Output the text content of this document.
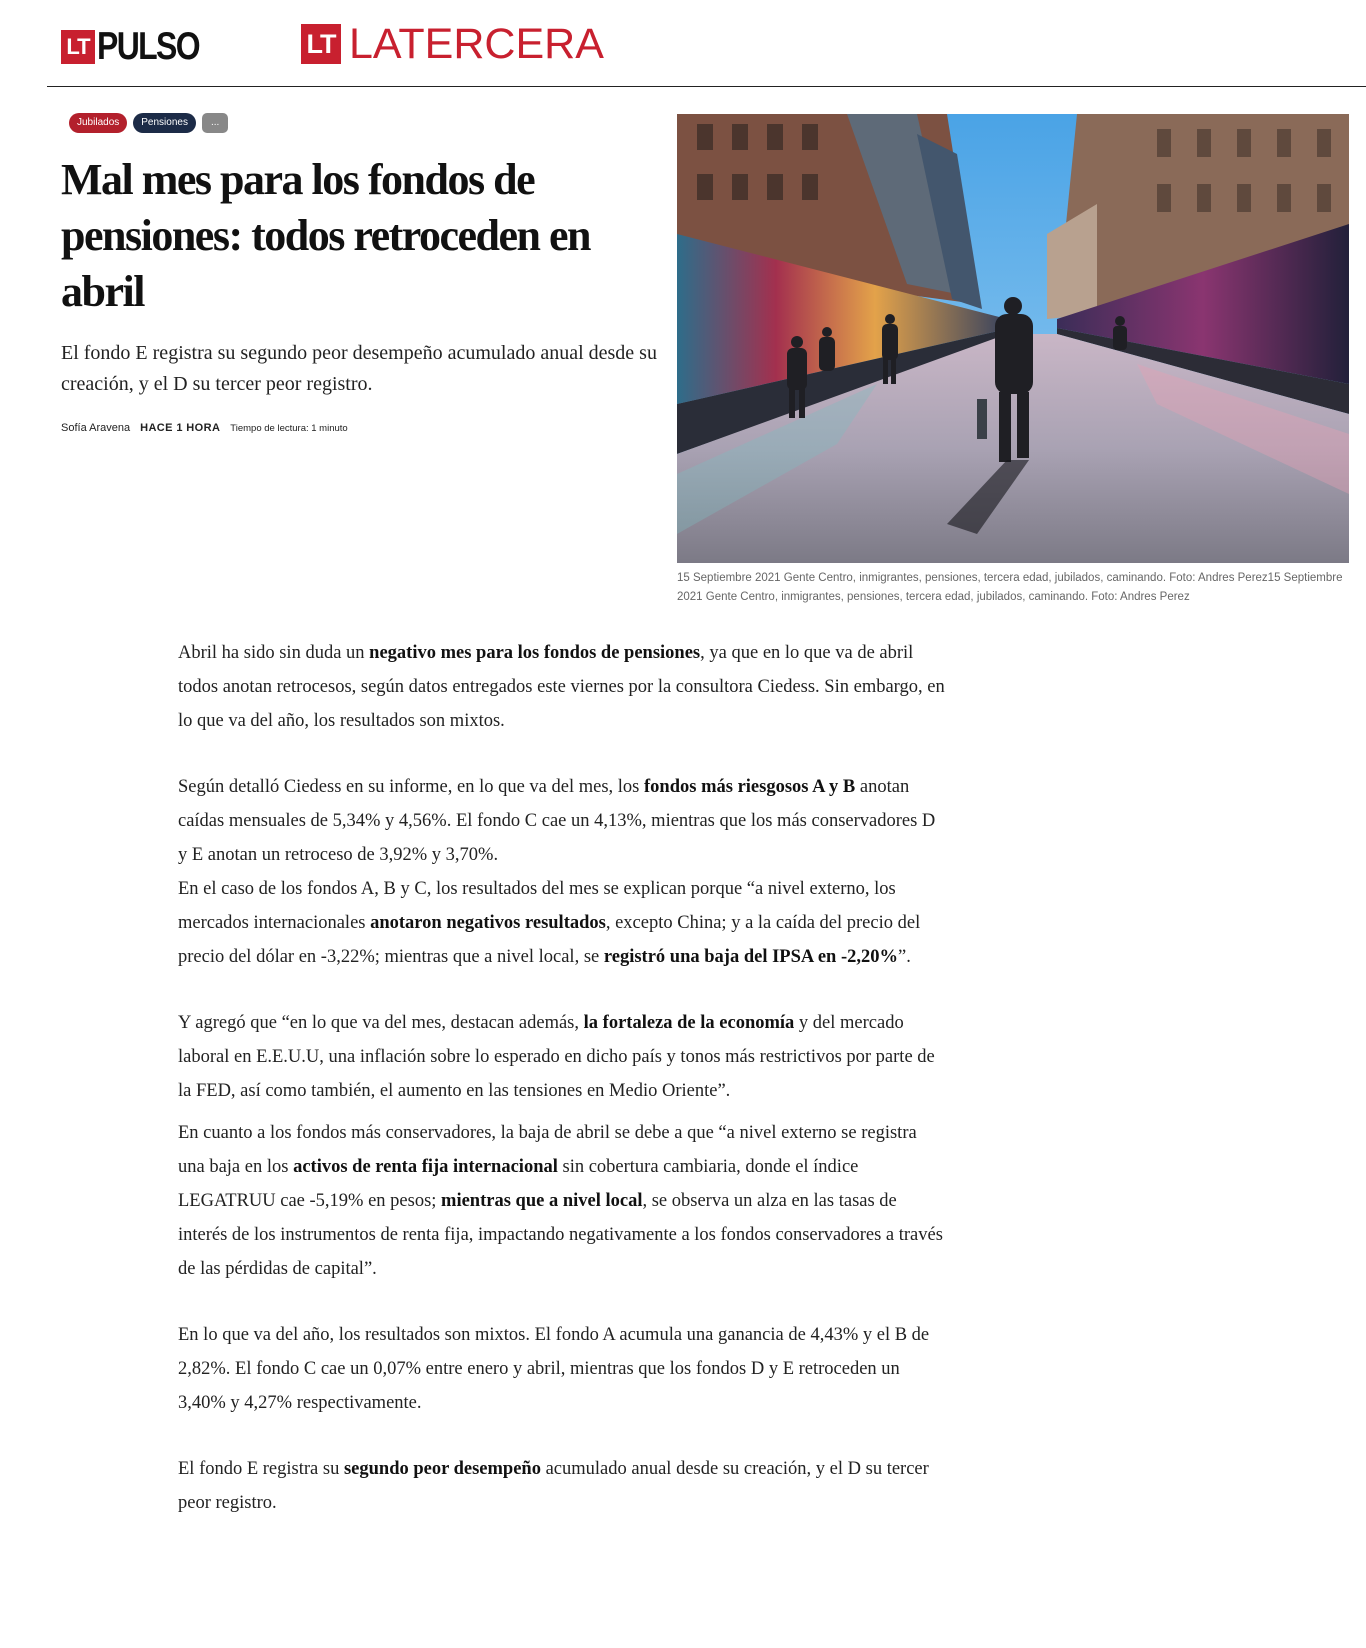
LT PULSO	LT LATERCERA
Jubilados	Pensiones	...
Mal mes para los fondos de pensiones: todos retroceden en abril

El fondo E registra su segundo peor desempeño acumulado anual desde su creación, y el D su tercer peor registro.

Sofía Aravena HACE 1 HORA Tiempo de lectura: 1 minuto

15 Septiembre 2021 Gente Centro, inmigrantes, pensiones, tercera edad, jubilados, caminando. Foto: Andres Perez15 Septiembre 2021 Gente Centro, inmigrantes, pensiones, tercera edad, jubilados, caminando. Foto: Andres Perez

Abril ha sido sin duda un negativo mes para los fondos de pensiones, ya que en lo que va de abril todos anotan retrocesos, según datos entregados este viernes por la consultora Ciedess. Sin embargo, en lo que va del año, los resultados son mixtos.

Según detalló Ciedess en su informe, en lo que va del mes, los fondos más riesgosos A y B anotan caídas mensuales de 5,34% y 4,56%. El fondo C cae un 4,13%, mientras que los más conservadores D y E anotan un retroceso de 3,92% y 3,70%.

En el caso de los fondos A, B y C, los resultados del mes se explican porque “a nivel externo, los mercados internacionales anotaron negativos resultados, excepto China; y a la caída del precio del precio del dólar en -3,22%; mientras que a nivel local, se registró una baja del IPSA en -2,20%”.

Y agregó que “en lo que va del mes, destacan además, la fortaleza de la economía y del mercado laboral en E.E.U.U, una inflación sobre lo esperado en dicho país y tonos más restrictivos por parte de la FED, así como también, el aumento en las tensiones en Medio Oriente”.

En cuanto a los fondos más conservadores, la baja de abril se debe a que “a nivel externo se registra una baja en los activos de renta fija internacional sin cobertura cambiaria, donde el índice LEGATRUU cae -5,19% en pesos; mientras que a nivel local, se observa un alza en las tasas de interés de los instrumentos de renta fija, impactando negativamente a los fondos conservadores a través de las pérdidas de capital”.

En lo que va del año, los resultados son mixtos. El fondo A acumula una ganancia de 4,43% y el B de 2,82%. El fondo C cae un 0,07% entre enero y abril, mientras que los fondos D y E retroceden un 3,40% y 4,27% respectivamente.

El fondo E registra su segundo peor desempeño acumulado anual desde su creación, y el D su tercer peor registro.
